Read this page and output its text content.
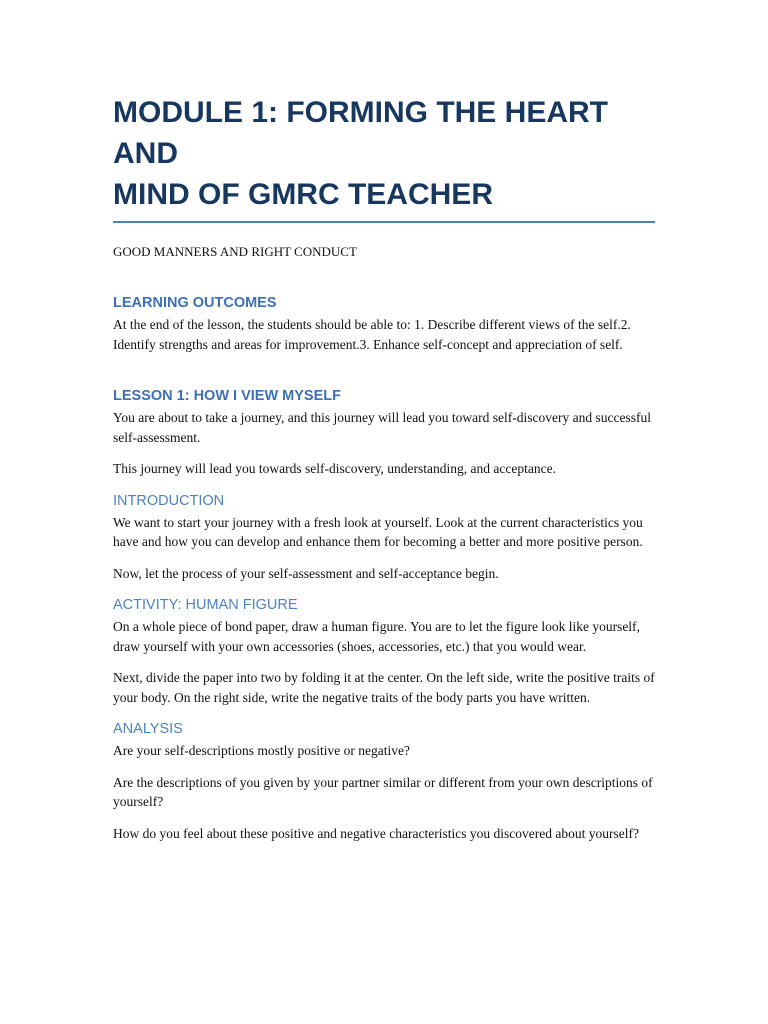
MODULE 1: FORMING THE HEART AND
MIND OF GMRC TEACHER

GOOD MANNERS AND RIGHT CONDUCT

LEARNING OUTCOMES

At the end of the lesson, the students should be able to: 1. Describe different views of the self.2. Identify strengths and areas for improvement.3. Enhance self-concept and appreciation of self.

LESSON 1: HOW I VIEW MYSELF

You are about to take a journey, and this journey will lead you toward self-discovery and successful self-assessment.

This journey will lead you towards self-discovery, understanding, and acceptance.

INTRODUCTION

We want to start your journey with a fresh look at yourself. Look at the current characteristics you have and how you can develop and enhance them for becoming a better and more positive person.

Now, let the process of your self-assessment and self-acceptance begin.

ACTIVITY: HUMAN FIGURE

On a whole piece of bond paper, draw a human figure. You are to let the figure look like yourself, draw yourself with your own accessories (shoes, accessories, etc.) that you would wear.

Next, divide the paper into two by folding it at the center. On the left side, write the positive traits of your body. On the right side, write the negative traits of the body parts you have written.

ANALYSIS

Are your self-descriptions mostly positive or negative?

Are the descriptions of you given by your partner similar or different from your own descriptions of yourself?

How do you feel about these positive and negative characteristics you discovered about yourself?
